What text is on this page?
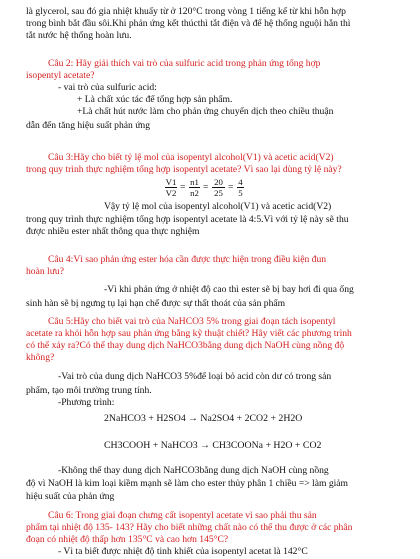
là glycerol, sau đó gia nhiệt khuấy từ ở 120°C trong vòng 1 tiếng kể từ khi hỗn hợp
trong bình bắt đầu sôi.Khi phản ứng kết thúcthì tắt điện và để hệ thống nguội hẳn thì
tắt nước hệ thống hoàn lưu.
Câu 2: Hãy giải thích vai trò của sulfuric acid trong phản ứng tổng hợp
isopentyl acetate?
- vai trò của sulfuric acid:
+ Là chất xúc tác để tổng hợp sản phẩm.
+Là chất hút nước làm cho phản ứng chuyển dịch theo chiều thuận
dẫn đến tăng hiệu suất phản ứng
Câu 3:Hãy cho biết tỷ lệ mol của isopentyl alcohol(V1) và acetic acid(V2)
trong quy trình thực nghiệm tổng hợp isopentyl acetate? Vì sao lại dùng tỷ lệ này?
V1
V2 = n1
n2 = 20
25 = 4
5
Vậy tỷ lệ mol của isopentyl alcohol(V1) và acetic acid(V2)
trong quy trình thực nghiệm tổng hợp isopentyl acetate là 4:5.Vì với tỷ lệ này sẽ thu
được nhiều ester nhất thông qua thực nghiệm
Câu 4:Vì sao phản ứng ester hóa cần được thực hiện trong điều kiện đun
hoàn lưu?
-Vì khi phản ứng ở nhiệt độ cao thì ester sẽ bị bay hơi đi qua ống
sinh hàn sẽ bị ngưng tụ lại hạn chế được sự thất thoát của sản phẩm
Câu 5:Hãy cho biết vai trò của NaHCO3 5% trong giai đoạn tách isopentyl
acetate ra khỏi hỗn hợp sau phản ứng bằng kỹ thuật chiết? Hãy viết các phương trình
có thể xảy ra?Có thể thay dung dịch NaHCO3bằng dung dịch NaOH cùng nồng độ
không?
-Vai trò của dung dịch NaHCO3 5%để loại bỏ acid còn dư có trong sản
phẩm, tạo môi trường trung tính.
-Phương trình:
2NaHCO3 + H2SO4 → Na2SO4 + 2CO2 + 2H2O
CH3COOH + NaHCO3 → CH3COONa + H2O + CO2
-Không thể thay dung dịch NaHCO3bằng dung dịch NaOH cùng nồng
độ vì NaOH là kim loại kiềm mạnh sẽ làm cho ester thủy phân 1 chiều => làm giảm
hiệu suất của phản ứng
Câu 6: Trong giai đoạn chưng cất isopentyl acetate vì sao phải thu sản
phẩm tại nhiệt độ 135- 143? Hãy cho biết những chất nào có thể thu được ở các phân
đoạn có nhiệt độ thấp hơn 135°C và cao hơn 145°C?
- Vì ta biết được nhiệt độ tinh khiết của isopentyl acetat là 142°C
